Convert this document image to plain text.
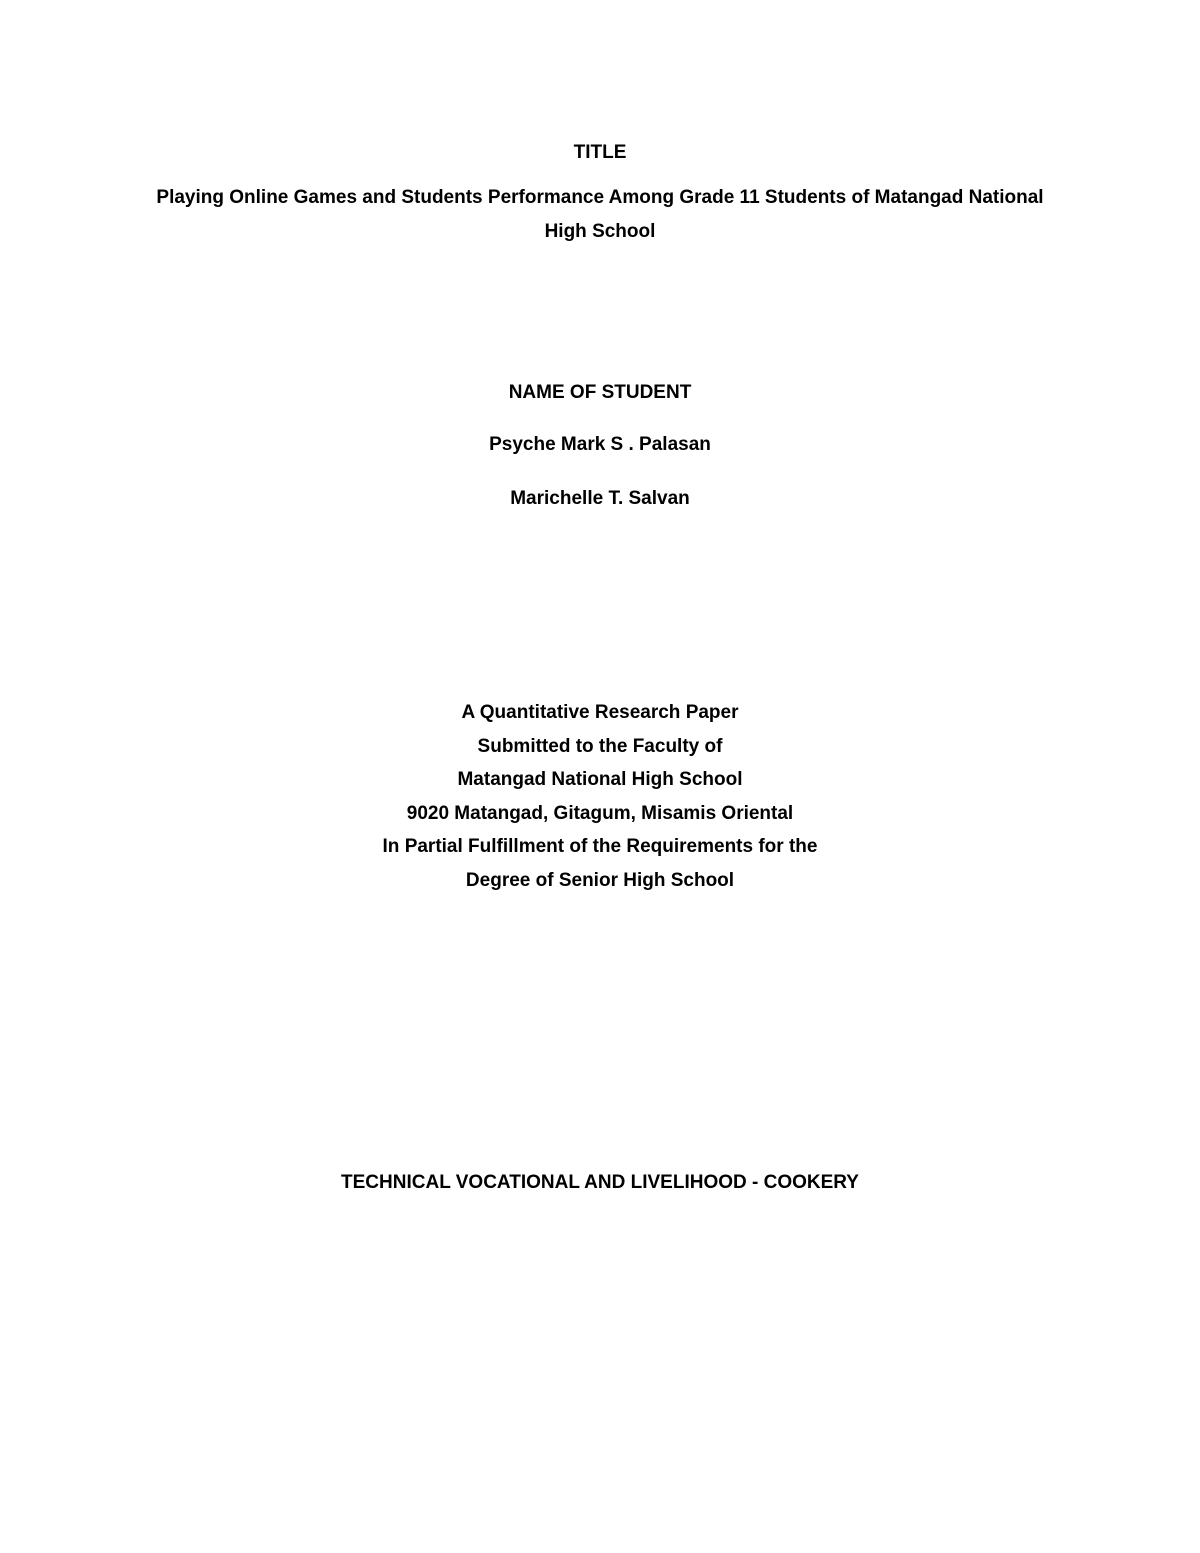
TITLE
Playing Online Games and Students Performance Among Grade 11 Students of Matangad National
High School
NAME OF STUDENT
Psyche Mark S . Palasan
Marichelle T. Salvan
A Quantitative Research Paper
Submitted to the Faculty of
Matangad National High School
9020 Matangad, Gitagum, Misamis Oriental
In Partial Fulfillment of the Requirements for the
Degree of Senior High School
TECHNICAL VOCATIONAL AND LIVELIHOOD - COOKERY
